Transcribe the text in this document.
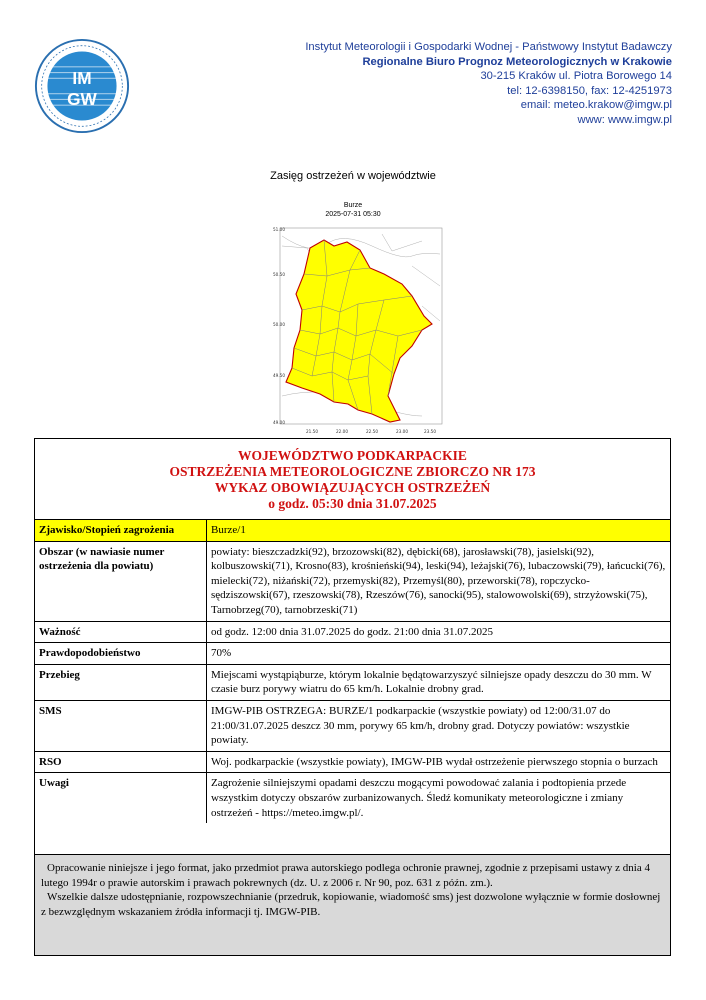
IM
GW
Instytut Meteorologii i Gospodarki Wodnej - Państwowy Instytut Badawczy
Regionalne Biuro Prognoz Meteorologicznych w Krakowie
30-215 Kraków ul. Piotra Borowego 14
tel: 12-6398150, fax: 12-4251973
email: meteo.krakow@imgw.pl
www: www.imgw.pl
Zasięg ostrzeżeń w województwie
Burze
2025-07-31 05:30
51.00
50.50
50.00
49.50
49.00
21.50	22.00	22.50	23.00	23.50
WOJEWÓDZTWO PODKARPACKIE
OSTRZEŻENIA METEOROLOGICZNE ZBIORCZO NR 173
WYKAZ OBOWIĄZUJĄCYCH OSTRZEŻEŃ
o godz. 05:30 dnia 31.07.2025
Zjawisko/Stopień zagrożenia	Burze/1
Obszar (w nawiasie numer ostrzeżenia dla powiatu)	powiaty: bieszczadzki(92), brzozowski(82), dębicki(68), jarosławski(78), jasielski(92), kolbuszowski(71), Krosno(83), krośnieński(94), leski(94), leżajski(76), lubaczowski(79), łańcucki(76), mielecki(72), niżański(72), przemyski(82), Przemyśl(80), przeworski(78), ropczycko-sędziszowski(67), rzeszowski(78), Rzeszów(76), sanocki(95), stalowowolski(69), strzyżowski(75), Tarnobrzeg(70), tarnobrzeski(71)
Ważność	od godz. 12:00 dnia 31.07.2025 do godz. 21:00 dnia 31.07.2025
Prawdopodobieństwo	70%
Przebieg	Miejscami wystąpiąburze, którym lokalnie będątowarzyszyć silniejsze opady deszczu do 30 mm. W czasie burz porywy wiatru do 65 km/h. Lokalnie drobny grad.
SMS	IMGW-PIB OSTRZEGA: BURZE/1 podkarpackie (wszystkie powiaty) od 12:00/31.07 do 21:00/31.07.2025 deszcz 30 mm, porywy 65 km/h, drobny grad. Dotyczy powiatów: wszystkie powiaty.
RSO	Woj. podkarpackie (wszystkie powiaty), IMGW-PIB wydał ostrzeżenie pierwszego stopnia o burzach
Uwagi	Zagrożenie silniejszymi opadami deszczu mogącymi powodować zalania i podtopienia przede wszystkim dotyczy obszarów zurbanizowanych. Śledź komunikaty meteorologiczne i zmiany ostrzeżeń - https://meteo.imgw.pl/.
Opracowanie niniejsze i jego format, jako przedmiot prawa autorskiego podlega ochronie prawnej, zgodnie z przepisami ustawy z dnia 4 lutego 1994r o prawie autorskim i prawach pokrewnych (dz. U. z 2006 r. Nr 90, poz. 631 z późn. zm.).
Wszelkie dalsze udostępnianie, rozpowszechnianie (przedruk, kopiowanie, wiadomość sms) jest dozwolone wyłącznie w formie dosłownej z bezwzględnym wskazaniem źródła informacji tj. IMGW-PIB.
